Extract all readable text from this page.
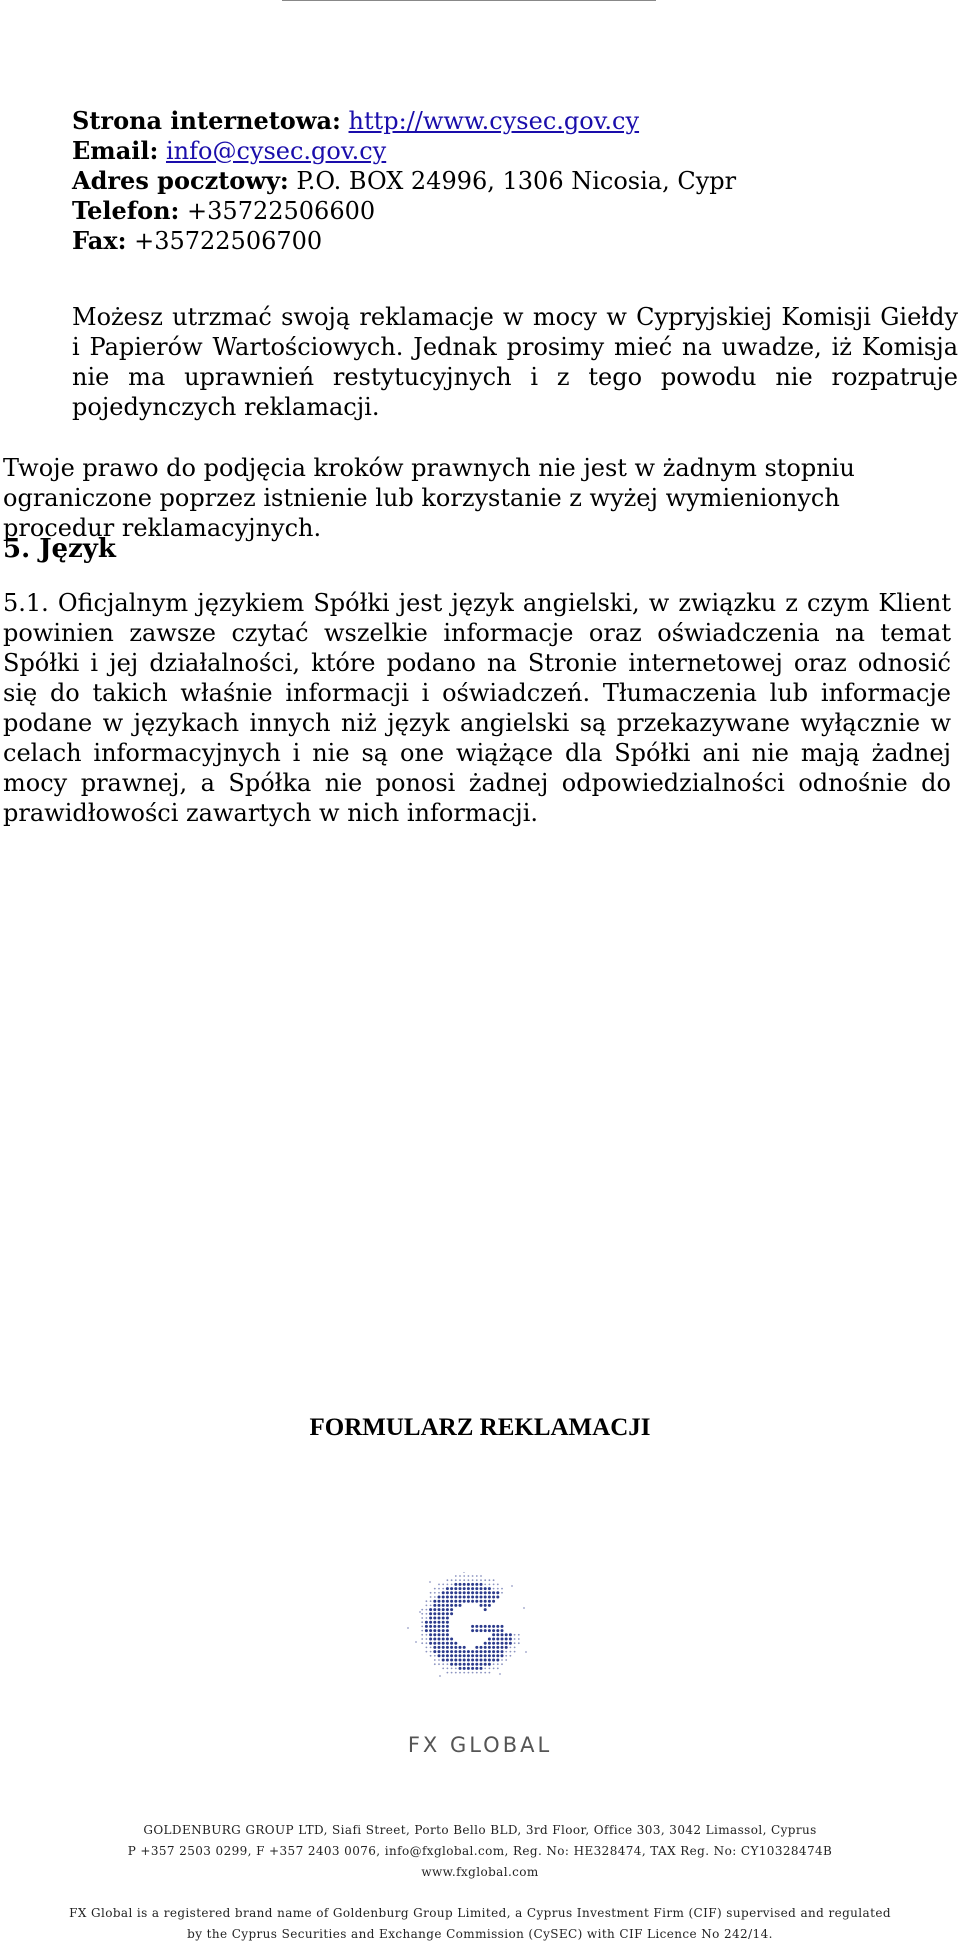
Strona internetowa: http://www.cysec.gov.cy
Email: info@cysec.gov.cy
Adres pocztowy: P.O. BOX 24996, 1306 Nicosia, Cypr
Telefon: +35722506600
Fax: +35722506700
Możesz utrzmać swoją reklamacje w mocy w Cypryjskiej Komisji Giełdy i Papierów Wartościowych. Jednak prosimy mieć na uwadze, iż Komisja nie ma uprawnień restytucyjnych i z tego powodu nie rozpatruje pojedynczych reklamacji.
Twoje prawo do podjęcia kroków prawnych nie jest w żadnym stopniu ograniczone poprzez istnienie lub korzystanie z wyżej wymienionych procedur reklamacyjnych.
5. Język
5.1. Oficjalnym językiem Spółki jest język angielski, w związku z czym Klient powinien zawsze czytać wszelkie informacje oraz oświadczenia na temat Spółki i jej działalności, które podano na Stronie internetowej oraz odnosić się do takich właśnie informacji i oświadczeń. Tłumaczenia lub informacje podane w językach innych niż język angielski są przekazywane wyłącznie w celach informacyjnych i nie są one wiążące dla Spółki ani nie mają żadnej mocy prawnej, a Spółka nie ponosi żadnej odpowiedzialności odnośnie do prawidłowości zawartych w nich informacji.
FORMULARZ REKLAMACJI
FX GLOBAL
GOLDENBURG GROUP LTD, Siafi Street, Porto Bello BLD, 3rd Floor, Office 303, 3042 Limassol, Cyprus
P +357 2503 0299, F +357 2403 0076, info@fxglobal.com, Reg. No: HE328474, TAX Reg. No: CY10328474B
www.fxglobal.com
FX Global is a registered brand name of Goldenburg Group Limited, a Cyprus Investment Firm (CIF) supervised and regulated
by the Cyprus Securities and Exchange Commission (CySEC) with CIF Licence No 242/14.
